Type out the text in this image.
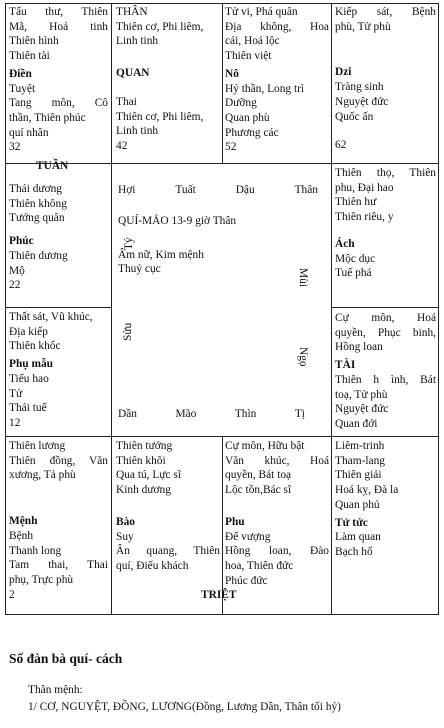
Tấu thư, Thiên
Mã, Hoả tinh
Thiên hình
Thiên tài
Điền
Tuyệt
Tang môn, Cô
thần, Thiên phúc
quí nhân
32
THÂN
Thiên cơ, Phi liêm,
Linh tinh
QUAN
Thai
Thiên cơ, Phi liêm,
Linh tinh
42
Tử vi, Phá quân
Địa không, Hoa
cái, Hoá lộc
Thiên việt
Nô
Hỷ thần, Long trì
Dưỡng
Quan phù
Phương các
52
Kiếp sát, Bệnh
phù, Tử phù
Dzi
Tràng sinh
Nguyệt đức
Quốc ấn
62
Thái dương
Thiên không
Tướng quân
Phúc
Thiên dương
Mộ
22
Thất sát, Vũ khúc,
Địa kiếp
Thiên khốc
Phụ mẫu
Tiểu hao
Tử
Thái tuế
12
Thiên thọ, Thiên
phu, Đại hao
Thiên hư
Thiên riêu, y
Ách
Mộc dục
Tuế phá
Cự môn, Hoá
quyền, Phục binh,
Hồng loan
TÀI
Thiên h ình, Bát
toạ, Tử phù
Nguyệt đức
Quan đới
Thiên lương
Thiên đồng, Văn
xương, Tả phù
Mệnh
Bệnh
Thanh long
Tam thai, Thai
phụ, Trực phù
2
Thiên tướng
Thiên khôi
Qua tú, Lực sĩ
Kinh dương
Bào
Suy
Ân quang, Thiên
quí, Điếu khách
Cự môn, Hữu bật
Văn khúc, Hoá
quyền, Bát toạ
Lộc tồn,Bác sĩ
Phu
Đế vượng
Hồng loan, Đào
hoa, Thiên đức
Phúc đức
Liêm-trinh
Tham-lang
Thiên giải
Hoá kỵ, Đà la
Quan phủ
Tử tức
Làm quan
Bạch hổ
Hợi	Tuất	Dậu	Thân
QUÍ-MÃO 13-9 giờ Thân
Âm nữ, Kim mệnh
Thuỷ cục
Tý
Sửu
Mùi
Ngọ
Dần	Mão	Thìn	Tị
TUẦN
TRIỆT
Số đàn bà quí- cách
Thân mệnh:
1/ CƠ, NGUYỆT, ĐỒNG, LƯƠNG(Đồng, Lương Dần, Thân tối hỷ)
